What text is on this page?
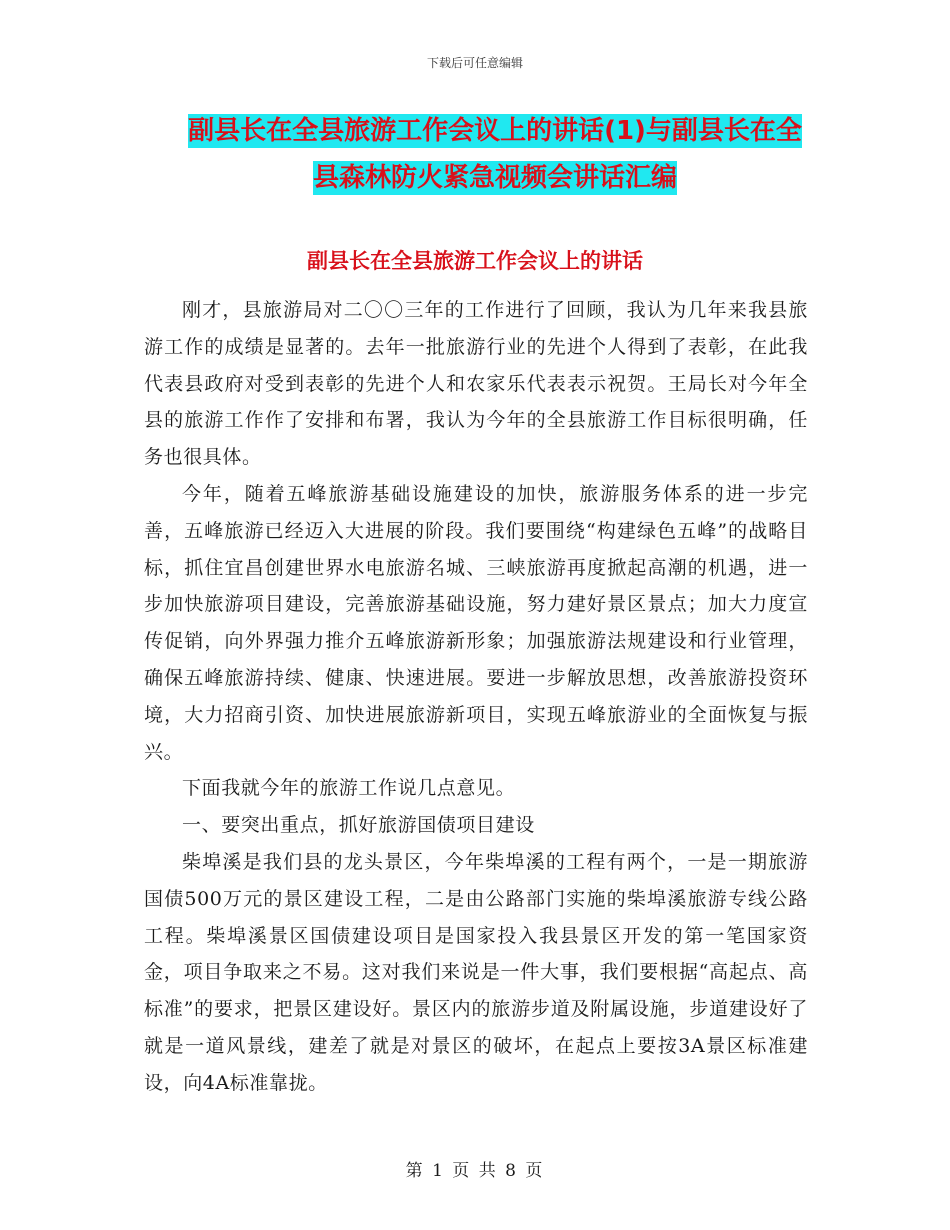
下载后可任意编辑
副县长在全县旅游工作会议上的讲话(1)与副县长在全
县森林防火紧急视频会讲话汇编
副县长在全县旅游工作会议上的讲话

刚才，县旅游局对二〇〇三年的工作进行了回顾，我认为几年来我县旅游工作的成绩是显著的。去年一批旅游行业的先进个人得到了表彰，在此我代表县政府对受到表彰的先进个人和农家乐代表表示祝贺。王局长对今年全县的旅游工作作了安排和布署，我认为今年的全县旅游工作目标很明确，任务也很具体。

今年，随着五峰旅游基础设施建设的加快，旅游服务体系的进一步完善，五峰旅游已经迈入大进展的阶段。我们要围绕“构建绿色五峰”的战略目标，抓住宜昌创建世界水电旅游名城、三峡旅游再度掀起高潮的机遇，进一步加快旅游项目建设，完善旅游基础设施，努力建好景区景点；加大力度宣传促销，向外界强力推介五峰旅游新形象；加强旅游法规建设和行业管理，确保五峰旅游持续、健康、快速进展。要进一步解放思想，改善旅游投资环境，大力招商引资、加快进展旅游新项目，实现五峰旅游业的全面恢复与振兴。

下面我就今年的旅游工作说几点意见。

一、要突出重点，抓好旅游国债项目建设

柴埠溪是我们县的龙头景区，今年柴埠溪的工程有两个，一是一期旅游国债500万元的景区建设工程，二是由公路部门实施的柴埠溪旅游专线公路工程。柴埠溪景区国债建设项目是国家投入我县景区开发的第一笔国家资金，项目争取来之不易。这对我们来说是一件大事，我们要根据“高起点、高标准”的要求，把景区建设好。景区内的旅游步道及附属设施，步道建设好了就是一道风景线，建差了就是对景区的破坏，在起点上要按3A景区标准建设，向4A标准靠拢。

第 1 页 共 8 页
